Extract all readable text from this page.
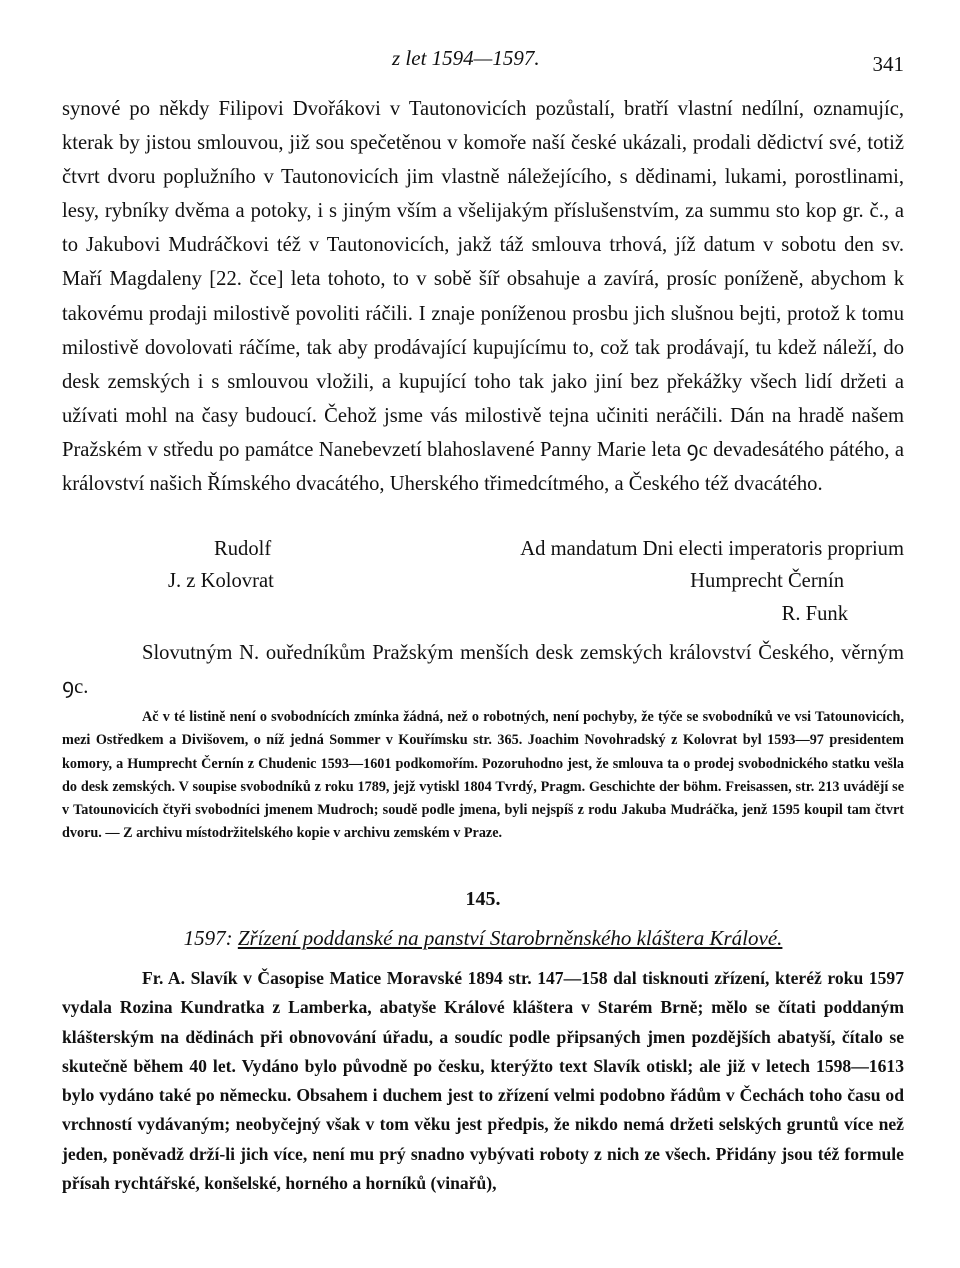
z let 1594—1597.	341

synové po někdy Filipovi Dvořákovi v Tautonovicích pozůstalí, bratří vlastní nedílní, oznamujíc, kterak by jistou smlouvou, již sou spečetěnou v komoře naší české ukázali, prodali dědictví své, totiž čtvrt dvoru poplužního v Tautonovicích jim vlastně náležejícího, s dědinami, lukami, porostlinami, lesy, rybníky dvěma a potoky, i s jiným vším a všelijakým příslušenstvím, za summu sto kop gr. č., a to Jakubovi Mudráčkovi též v Tautonovicích, jakž táž smlouva trhová, jíž datum v sobotu den sv. Maří Magdaleny [22. čce] leta tohoto, to v sobě šíř obsahuje a zavírá, prosíc poníženě, abychom k takovému prodaji milostivě povoliti ráčili. I znaje poníženou prosbu jich slušnou bejti, protož k tomu milostivě dovolovati ráčíme, tak aby prodávající kupujícímu to, což tak prodávají, tu kdež náleží, do desk zemských i s smlouvou vložili, a kupující toho tak jako jiní bez překážky všech lidí držeti a užívati mohl na časy budoucí. Čehož jsme vás milostivě tejna učiniti neráčili. Dán na hradě našem Pražském v středu po památce Nanebevzetí blahoslavené Panny Marie leta ꝯc devadesátého pátého, a království našich Římského dvacátého, Uherského třimedcítmého, a Českého též dvacátého.

Rudolf
J. z Kolovrat
Ad mandatum Dni electi imperatoris proprium
Humprecht Černín
R. Funk

Slovutným N. ouředníkům Pražským menších desk zemských království Českého, věrným ꝯc.

Ač v té listině není o svobodnících zmínka žádná, než o robotných, není pochyby, že týče se svobodníků ve vsi Tatounovicích, mezi Ostředkem a Divišovem, o níž jedná Sommer v Kouřímsku str. 365. Joachim Novohradský z Kolovrat byl 1593—97 presidentem komory, a Humprecht Černín z Chudenic 1593—1601 podkomořím. Pozoruhodno jest, že smlouva ta o prodej svobodnického statku vešla do desk zemských. V soupise svobodníků z roku 1789, jejž vytiskl 1804 Tvrdý, Pragm. Geschichte der böhm. Freisassen, str. 213 uvádějí se v Tatounovicích čtyři svobodníci jmenem Mudroch; soudě podle jmena, byli nejspíš z rodu Jakuba Mudráčka, jenž 1595 koupil tam čtvrt dvoru. — Z archivu místodržitelského kopie v archivu zemském v Praze.

145.
1597: Zřízení poddanské na panství Starobrněnského kláštera Králové.

Fr. A. Slavík v Časopise Matice Moravské 1894 str. 147—158 dal tisknouti zřízení, kteréž roku 1597 vydala Rozina Kundratka z Lamberka, abatyše Králové kláštera v Starém Brně; mělo se čítati poddaným klášterským na dědinách při obnovování úřadu, a soudíc podle připsaných jmen pozdějších abatyší, čítalo se skutečně během 40 let. Vydáno bylo původně po česku, kterýžto text Slavík otiskl; ale již v letech 1598—1613 bylo vydáno také po německu. Obsahem i duchem jest to zřízení velmi podobno řádům v Čechách toho času od vrchností vydávaným; neobyčejný však v tom věku jest předpis, že nikdo nemá držeti selských gruntů více než jeden, poněvadž drží-li jich více, není mu prý snadno vybývati roboty z nich ze všech. Přidány jsou též formule přísah rychtářské, konšelské, horného a horníků (vinařů),
